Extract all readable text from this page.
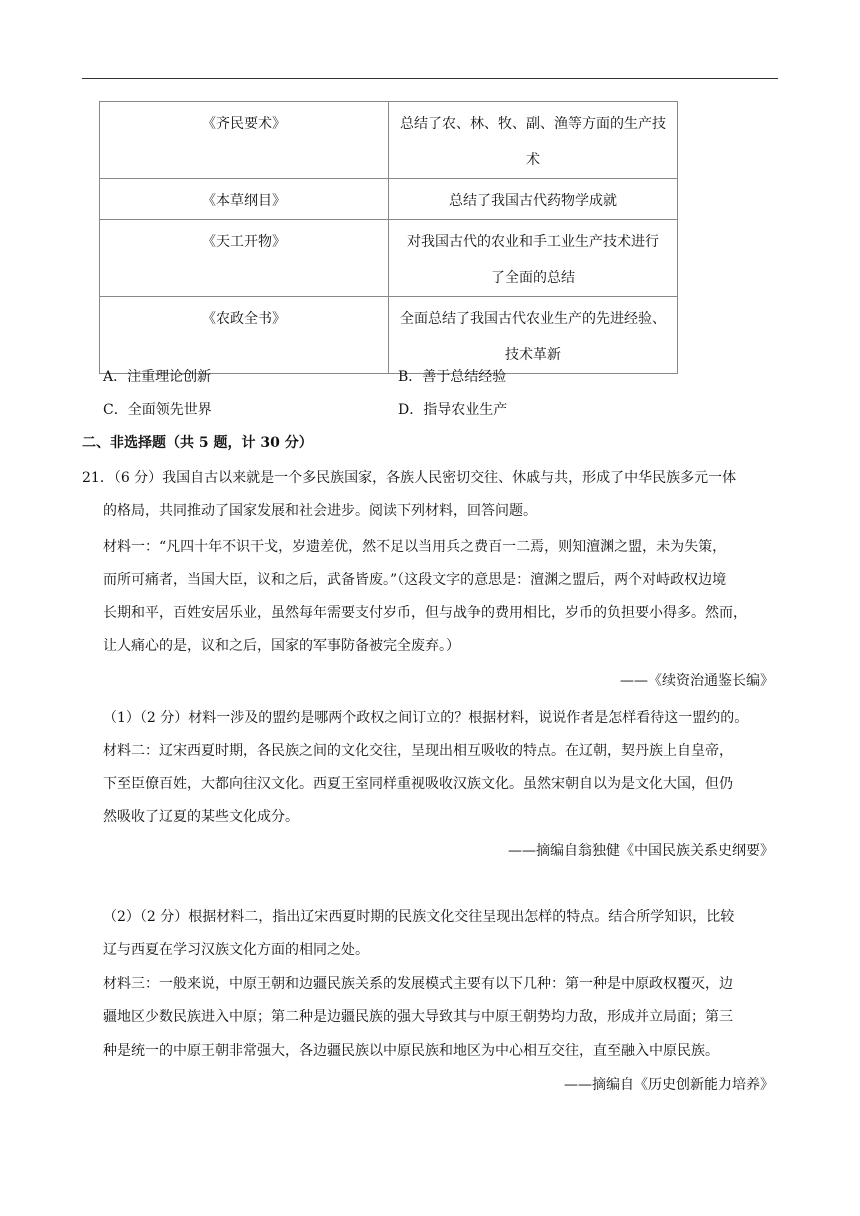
《齐民要术》	总结了农、林、牧、副、渔等方面的生产技
术

《本草纲目》	总结了我国古代药物学成就

《天工开物》	对我国古代的农业和手工业生产技术进行
了全面的总结

《农政全书》	全面总结了我国古代农业生产的先进经验、
技术革新
A．注重理论创新	B．善于总结经验
C．全面领先世界	D．指导农业生产
二、非选择题（共 5 题，计 30 分）
21．（6 分）我国自古以来就是一个多民族国家，各族人民密切交往、休戚与共，形成了中华民族多元一体
的格局，共同推动了国家发展和社会进步。阅读下列材料，回答问题。
材料一：“凡四十年不识干戈，岁遗差优，然不足以当用兵之费百一二焉，则知澶渊之盟，未为失策，
而所可痛者，当国大臣，议和之后，武备皆废。”（这段文字的意思是：澶渊之盟后，两个对峙政权边境
长期和平，百姓安居乐业，虽然每年需要支付岁币，但与战争的费用相比，岁币的负担要小得多。然而，
让人痛心的是，议和之后，国家的军事防备被完全废弃。）
——《续资治通鉴长编》
（1）（2 分）材料一涉及的盟约是哪两个政权之间订立的？根据材料，说说作者是怎样看待这一盟约的。
材料二：辽宋西夏时期，各民族之间的文化交往，呈现出相互吸收的特点。在辽朝，契丹族上自皇帝，
下至臣僚百姓，大都向往汉文化。西夏王室同样重视吸收汉族文化。虽然宋朝自以为是文化大国，但仍
然吸收了辽夏的某些文化成分。
——摘编自翁独健《中国民族关系史纲要》
（2）（2 分）根据材料二，指出辽宋西夏时期的民族文化交往呈现出怎样的特点。结合所学知识，比较
辽与西夏在学习汉族文化方面的相同之处。
材料三：一般来说，中原王朝和边疆民族关系的发展模式主要有以下几种：第一种是中原政权覆灭，边
疆地区少数民族进入中原；第二种是边疆民族的强大导致其与中原王朝势均力敌，形成并立局面；第三
种是统一的中原王朝非常强大，各边疆民族以中原民族和地区为中心相互交往，直至融入中原民族。
——摘编自《历史创新能力培养》
